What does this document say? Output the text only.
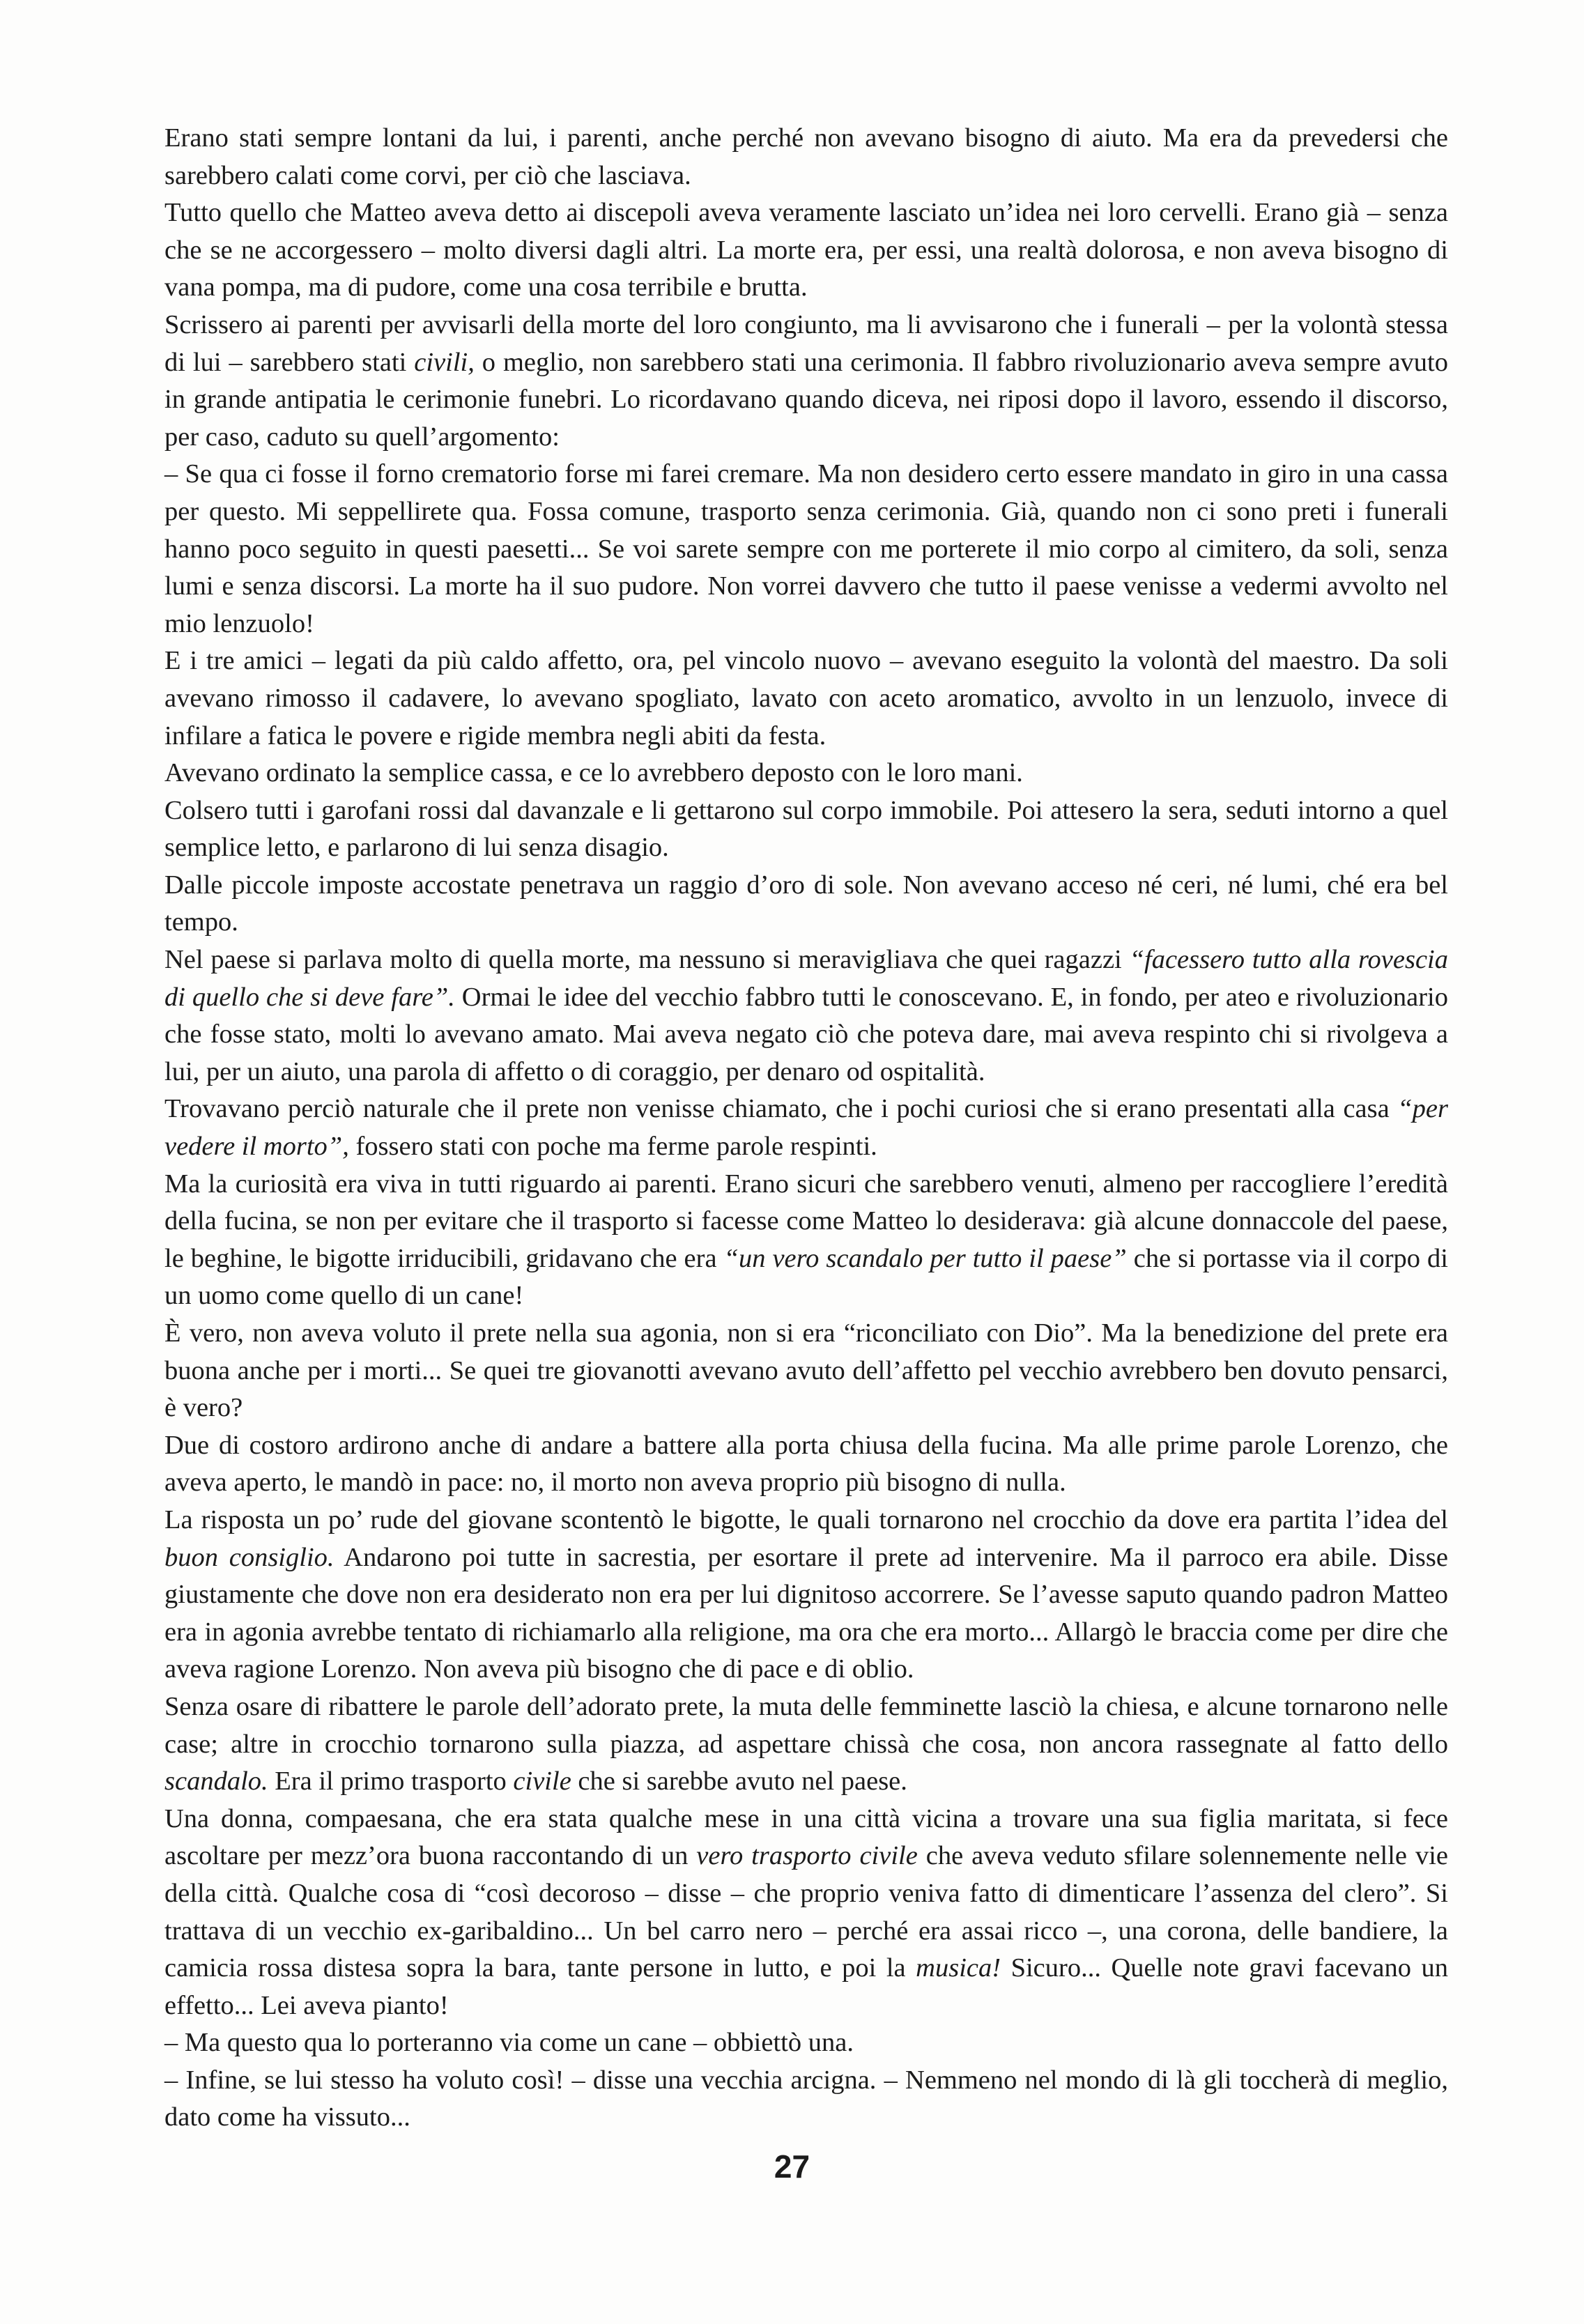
Erano stati sempre lontani da lui, i parenti, anche perché non avevano bisogno di aiuto. Ma era da prevedersi che sarebbero calati come corvi, per ciò che lasciava.

Tutto quello che Matteo aveva detto ai discepoli aveva veramente lasciato un’idea nei loro cervelli. Erano già – senza che se ne accorgessero – molto diversi dagli altri. La morte era, per essi, una realtà dolorosa, e non aveva bisogno di vana pompa, ma di pudore, come una cosa terribile e brutta.

Scrissero ai parenti per avvisarli della morte del loro congiunto, ma li avvisarono che i funerali – per la volontà stessa di lui – sarebbero stati civili, o meglio, non sarebbero stati una cerimonia. Il fabbro rivoluzionario aveva sempre avuto in grande antipatia le cerimonie funebri. Lo ricordavano quando diceva, nei riposi dopo il lavoro, essendo il discorso, per caso, caduto su quell’argomento:

– Se qua ci fosse il forno crematorio forse mi farei cremare. Ma non desidero certo essere mandato in giro in una cassa per questo. Mi seppellirete qua. Fossa comune, trasporto senza cerimonia. Già, quando non ci sono preti i funerali hanno poco seguito in questi paesetti... Se voi sarete sempre con me porterete il mio corpo al cimitero, da soli, senza lumi e senza discorsi. La morte ha il suo pudore. Non vorrei davvero che tutto il paese venisse a vedermi avvolto nel mio lenzuolo!

E i tre amici – legati da più caldo affetto, ora, pel vincolo nuovo – avevano eseguito la volontà del maestro. Da soli avevano rimosso il cadavere, lo avevano spogliato, lavato con aceto aromatico, avvolto in un lenzuolo, invece di infilare a fatica le povere e rigide membra negli abiti da festa.

Avevano ordinato la semplice cassa, e ce lo avrebbero deposto con le loro mani.

Colsero tutti i garofani rossi dal davanzale e li gettarono sul corpo immobile. Poi attesero la sera, seduti intorno a quel semplice letto, e parlarono di lui senza disagio.

Dalle piccole imposte accostate penetrava un raggio d’oro di sole. Non avevano acceso né ceri, né lumi, ché era bel tempo.

Nel paese si parlava molto di quella morte, ma nessuno si meravigliava che quei ragazzi “facessero tutto alla rovescia di quello che si deve fare”. Ormai le idee del vecchio fabbro tutti le conoscevano. E, in fondo, per ateo e rivoluzionario che fosse stato, molti lo avevano amato. Mai aveva negato ciò che poteva dare, mai aveva respinto chi si rivolgeva a lui, per un aiuto, una parola di affetto o di coraggio, per denaro od ospitalità.

Trovavano perciò naturale che il prete non venisse chiamato, che i pochi curiosi che si erano presentati alla casa “per vedere il morto”, fossero stati con poche ma ferme parole respinti.

Ma la curiosità era viva in tutti riguardo ai parenti. Erano sicuri che sarebbero venuti, almeno per raccogliere l’eredità della fucina, se non per evitare che il trasporto si facesse come Matteo lo desiderava: già alcune donnaccole del paese, le beghine, le bigotte irriducibili, gridavano che era “un vero scandalo per tutto il paese” che si portasse via il corpo di un uomo come quello di un cane!

È vero, non aveva voluto il prete nella sua agonia, non si era “riconciliato con Dio”. Ma la benedizione del prete era buona anche per i morti... Se quei tre giovanotti avevano avuto dell’affetto pel vecchio avrebbero ben dovuto pensarci, è vero?

Due di costoro ardirono anche di andare a battere alla porta chiusa della fucina. Ma alle prime parole Lorenzo, che aveva aperto, le mandò in pace: no, il morto non aveva proprio più bisogno di nulla.

La risposta un po’ rude del giovane scontentò le bigotte, le quali tornarono nel crocchio da dove era partita l’idea del buon consiglio. Andarono poi tutte in sacrestia, per esortare il prete ad intervenire. Ma il parroco era abile. Disse giustamente che dove non era desiderato non era per lui dignitoso accorrere. Se l’avesse saputo quando padron Matteo era in agonia avrebbe tentato di richiamarlo alla religione, ma ora che era morto... Allargò le braccia come per dire che aveva ragione Lorenzo. Non aveva più bisogno che di pace e di oblio.

Senza osare di ribattere le parole dell’adorato prete, la muta delle femminette lasciò la chiesa, e alcune tornarono nelle case; altre in crocchio tornarono sulla piazza, ad aspettare chissà che cosa, non ancora rassegnate al fatto dello scandalo. Era il primo trasporto civile che si sarebbe avuto nel paese.

Una donna, compaesana, che era stata qualche mese in una città vicina a trovare una sua figlia maritata, si fece ascoltare per mezz’ora buona raccontando di un vero trasporto civile che aveva veduto sfilare solennemente nelle vie della città. Qualche cosa di “così decoroso – disse – che proprio veniva fatto di dimenticare l’assenza del clero”. Si trattava di un vecchio ex-garibaldino... Un bel carro nero – perché era assai ricco –, una corona, delle bandiere, la camicia rossa distesa sopra la bara, tante persone in lutto, e poi la musica! Sicuro... Quelle note gravi facevano un effetto... Lei aveva pianto!

– Ma questo qua lo porteranno via come un cane – obbiettò una.

– Infine, se lui stesso ha voluto così! – disse una vecchia arcigna. – Nemmeno nel mondo di là gli toccherà di meglio, dato come ha vissuto...

27
